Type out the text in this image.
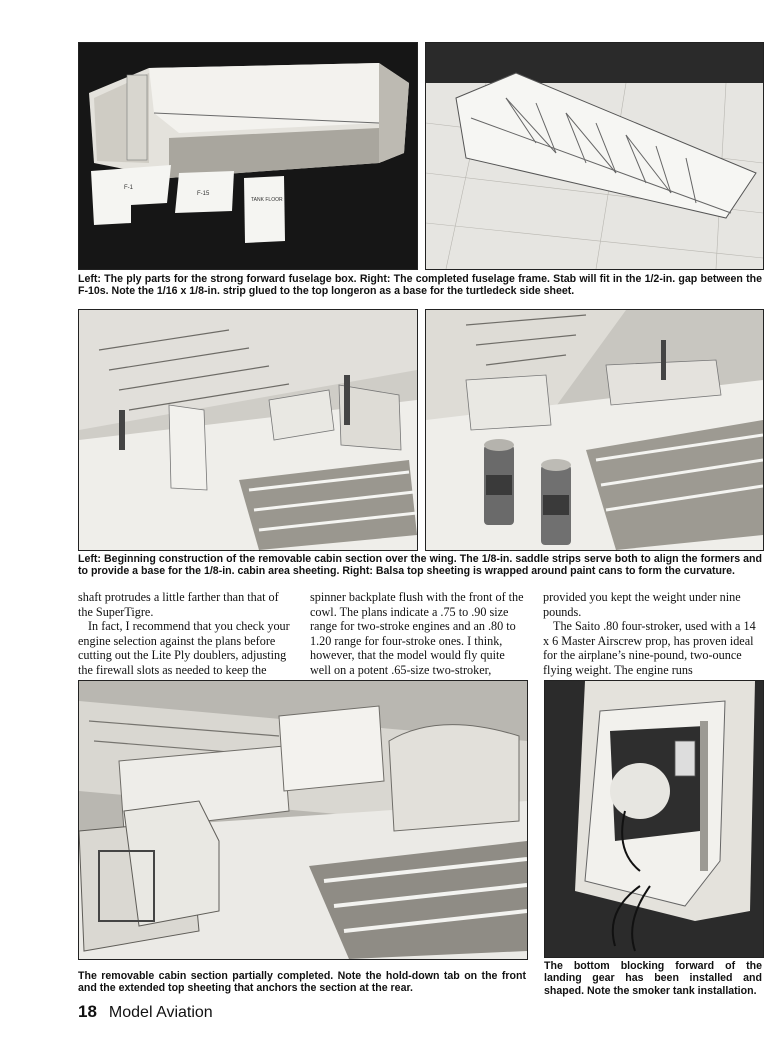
F-1
F-15
TANK FLOOR

Left: The ply parts for the strong forward fuselage box. Right: The completed fuselage frame. Stab will fit in the 1/2-in. gap between the F-10s. Note the 1/16 x 1/8-in. strip glued to the top longeron as a base for the turtledeck side sheet.

Left: Beginning construction of the removable cabin section over the wing. The 1/8-in. saddle strips serve both to align the formers and to provide a base for the 1/8-in. cabin area sheeting. Right: Balsa top sheeting is wrapped around paint cans to form the curvature.

shaft protrudes a little farther than that of the SuperTigre.

In fact, I recommend that you check your engine selection against the plans before cutting out the Lite Ply doublers, adjusting the firewall slots as needed to keep the

spinner backplate flush with the front of the cowl. The plans indicate a .75 to .90 size range for two-stroke engines and an .80 to 1.20 range for four-stroke ones. I think, however, that the model would fly quite well on a potent .65-size two-stroker,

provided you kept the weight under nine pounds.

The Saito .80 four-stroker, used with a 14 x 6 Master Airscrew prop, has proven ideal for the airplane’s nine-pound, two-ounce flying weight. The engine runs

The removable cabin section partially completed. Note the hold-down tab on the front and the extended top sheeting that anchors the section at the rear.

The bottom blocking forward of the landing gear has been installed and shaped. Note the smoker tank installation.

18 Model Aviation
